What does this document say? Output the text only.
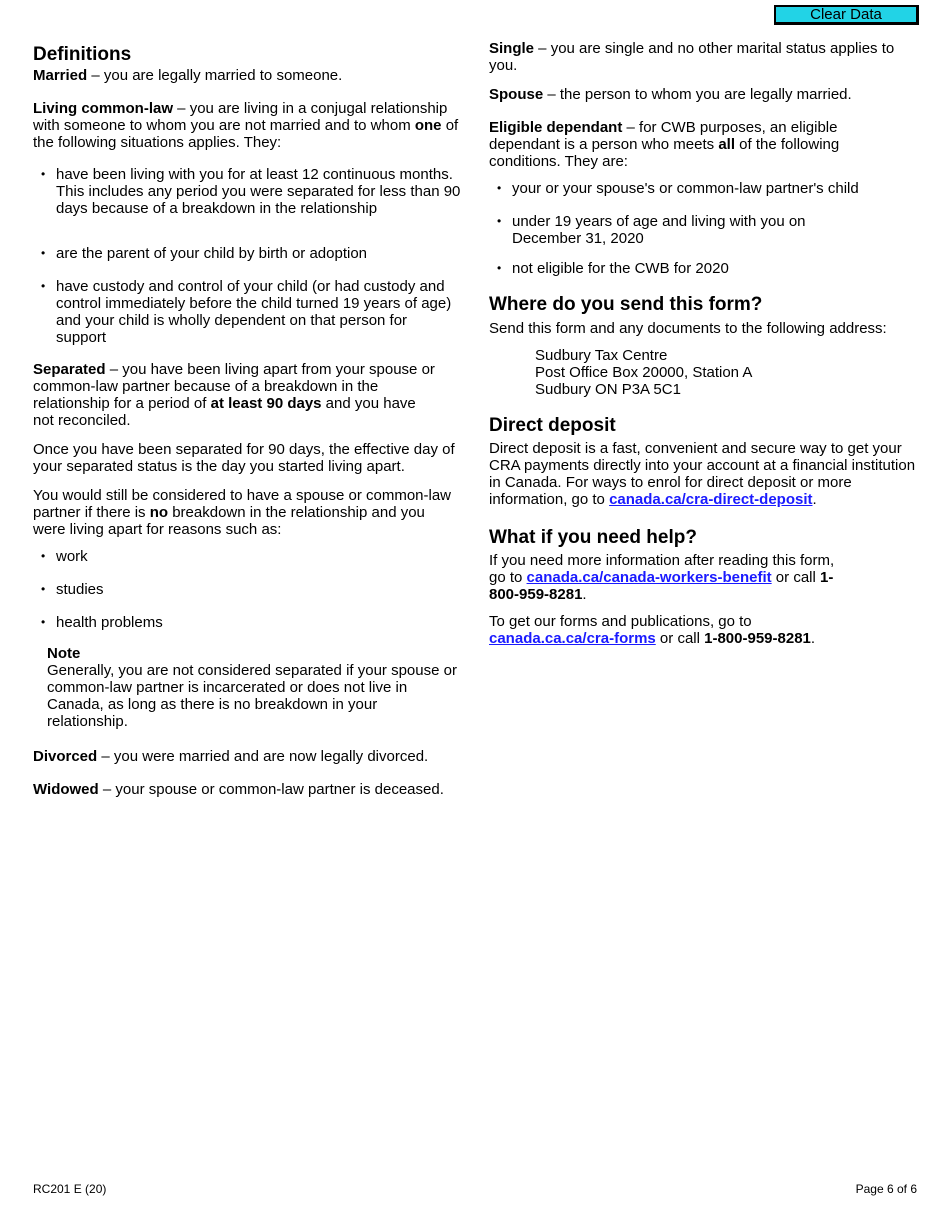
Clear Data
Definitions

Married – you are legally married to someone.

Living common-law – you are living in a conjugal relationship with someone to whom you are not married and to whom one of the following situations applies. They:

• have been living with you for at least 12 continuous months. This includes any period you were separated for less than 90 days because of a breakdown in the relationship
• are the parent of your child by birth or adoption
• have custody and control of your child (or had custody and control immediately before the child turned 19 years of age) and your child is wholly dependent on that person for support

Separated – you have been living apart from your spouse or common-law partner because of a breakdown in the relationship for a period of at least 90 days and you have not reconciled.

Once you have been separated for 90 days, the effective day of your separated status is the day you started living apart.

You would still be considered to have a spouse or common-law partner if there is no breakdown in the relationship and you were living apart for reasons such as:

• work
• studies
• health problems

Note

Generally, you are not considered separated if your spouse or common-law partner is incarcerated or does not live in Canada, as long as there is no breakdown in your relationship.

Divorced – you were married and are now legally divorced.

Widowed – your spouse or common-law partner is deceased.

Single – you are single and no other marital status applies to you.

Spouse – the person to whom you are legally married.

Eligible dependant – for CWB purposes, an eligible dependant is a person who meets all of the following conditions. They are:

• your or your spouse's or common-law partner's child
• under 19 years of age and living with you on December 31, 2020
• not eligible for the CWB for 2020
Where do you send this form?

Send this form and any documents to the following address:

Sudbury Tax Centre
Post Office Box 20000, Station A
Sudbury ON P3A 5C1
Direct deposit

Direct deposit is a fast, convenient and secure way to get your CRA payments directly into your account at a financial institution in Canada. For ways to enrol for direct deposit or more information, go to canada.ca/cra-direct-deposit.

What if you need help?

If you need more information after reading this form, go to canada.ca/canada-workers-benefit or call 1-800-959-8281.

To get our forms and publications, go to canada.ca.ca/cra-forms or call 1-800-959-8281.

RC201 E (20)	Page 6 of 6
